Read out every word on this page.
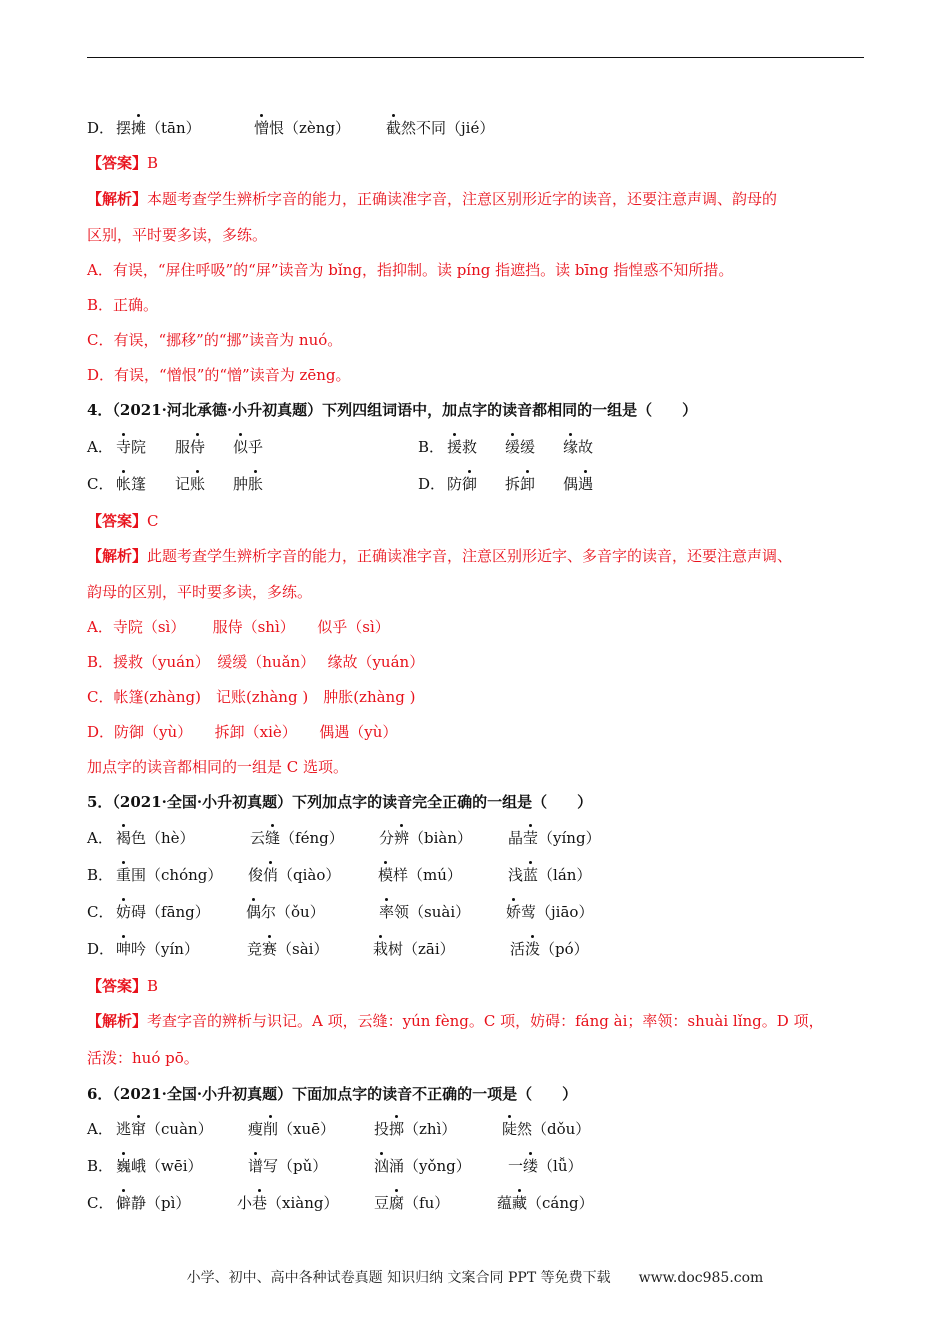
D． 摆摊（tān）	憎恨（zèng） 截然不同（jié）
【答案】B
【解析】本题考查学生辨析字音的能力，正确读准字音，注意区别形近字的读音，还要注意声调、韵母的
区别，平时要多读，多练。
A．有误，“屏住呼吸”的“屏”读音为 bǐng，指抑制。读 píng 指遮挡。读 bīng 指惶惑不知所措。
B．正确。
C．有误，“挪移”的“挪”读音为 nuó。
D．有误，“憎恨”的“憎”读音为 zēng。
4．（2021·河北承德·小升初真题）下列四组词语中，加点字的读音都相同的一组是（　　）
A． 寺院 服侍 似乎	B． 援救 缓缓 缘故
C． 帐篷 记账 肿胀	D． 防御 拆卸 偶遇
【答案】C
【解析】此题考查学生辨析字音的能力，正确读准字音，注意区别形近字、多音字的读音，还要注意声调、
韵母的区别，平时要多读，多练。
A．寺院（sì）　　 服侍（shì）　　似乎（sì）
B．援救（yuán）　缓缓（huǎn）　 缘故（yuán）
C．帐篷(zhàng)　记账(zhàng )　肿胀(zhàng )
D．防御（yù）　　拆卸（xiè）　　偶遇（yù）
加点字的读音都相同的一组是 C 选项。
5．（2021·全国·小升初真题）下列加点字的读音完全正确的一组是（　　）
A． 褐色（hè）	云缝（féng） 分辨（biàn） 晶莹（yíng）
B． 重围（chóng） 俊俏（qiào）	模样（mú）	浅蓝（lán）
C． 妨碍（fāng） 偶尔（ǒu）	率领（suài） 娇莺（jiāo）
D． 呻吟（yín）	竞赛（sài）	栽树（zāi）	活泼（pó）
【答案】B
【解析】考查字音的辨析与识记。A 项，云缝：yún fèng。C 项，妨碍：fáng ài；率领：shuài lǐng。D 项，
活泼：huó pō。
6．（2021·全国·小升初真题）下面加点字的读音不正确的一项是（　　）
A． 逃窜（cuàn） 瘦削（xuē）	投掷（zhì）	陡然（dǒu）
B． 巍峨（wēi）	谱写（pǔ）	汹涌（yǒng） 一缕（lǚ）
C． 僻静（pì）	小巷（xiàng） 豆腐（fu）	蕴藏（cáng）
小学、初中、高中各种试卷真题 知识归纳 文案合同 PPT 等免费下载　　www.doc985.com
